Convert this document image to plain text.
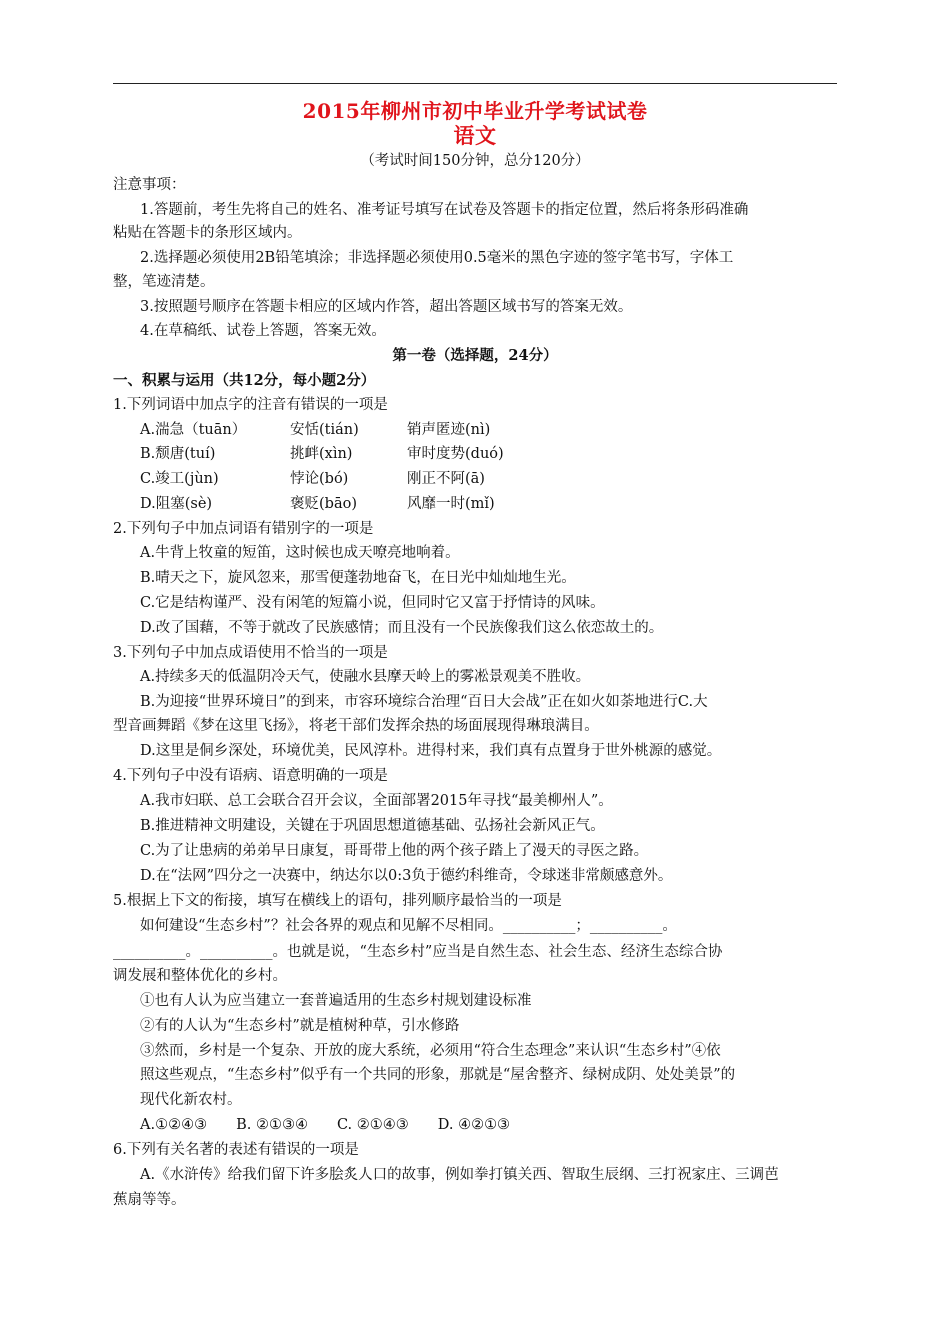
2015年柳州市初中毕业升学考试试卷
语文
（考试时间150分钟，总分120分）
注意事项：
1.答题前，考生先将自己的姓名、准考证号填写在试卷及答题卡的指定位置，然后将条形码准确
粘贴在答题卡的条形区域内。
2.选择题必须使用2B铅笔填涂；非选择题必须使用0.5毫米的黑色字迹的签字笔书写，字体工
整，笔迹清楚。
3.按照题号顺序在答题卡相应的区域内作答，超出答题区域书写的答案无效。
4.在草稿纸、试卷上答题，答案无效。
第一卷（选择题，24分）
一、积累与运用（共12分，每小题2分）
1.下列词语中加点字的注音有错误的一项是
A.湍急（tuān）	安恬(tián)	销声匿迹(nì)
B.颓唐(tuí)	挑衅(xìn)	审时度势(duó)
C.竣工(jùn)	悖论(bó)	刚正不阿(ā)
D.阻塞(sè)	褒贬(bāo)	风靡一时(mǐ)
2.下列句子中加点词语有错别字的一项是
A.牛背上牧童的短笛，这时候也成天嘹亮地响着。
B.晴天之下，旋风忽来，那雪便蓬勃地奋飞，在日光中灿灿地生光。
C.它是结构谨严、没有闲笔的短篇小说，但同时它又富于抒情诗的风味。
D.改了国藉，不等于就改了民族感情；而且没有一个民族像我们这么依恋故土的。
3.下列句子中加点成语使用不恰当的一项是
A.持续多天的低温阴冷天气，使融水县摩天岭上的雾凇景观美不胜收。
B.为迎接“世界环境日”的到来，市容环境综合治理“百日大会战”正在如火如荼地进行C.大
型音画舞蹈《梦在这里飞扬》，将老干部们发挥余热的场面展现得琳琅满目。
D.这里是侗乡深处，环境优美，民风淳朴。进得村来，我们真有点置身于世外桃源的感觉。
4.下列句子中没有语病、语意明确的一项是
A.我市妇联、总工会联合召开会议，全面部署2015年寻找“最美柳州人”。
B.推进精神文明建设，关键在于巩固思想道德基础、弘扬社会新风正气。
C.为了让患病的弟弟早日康复，哥哥带上他的两个孩子踏上了漫天的寻医之路。
D.在“法网”四分之一决赛中，纳达尔以0:3负于德约科维奇，令球迷非常颇感意外。
5.根据上下文的衔接，填写在横线上的语句，排列顺序最恰当的一项是
如何建设“生态乡村”？社会各界的观点和见解不尽相同。__________；__________。
__________。__________。也就是说，“生态乡村”应当是自然生态、社会生态、经济生态综合协
调发展和整体优化的乡村。
①也有人认为应当建立一套普遍适用的生态乡村规划建设标准
②有的人认为“生态乡村”就是植树种草，引水修路
③然而，乡村是一个复杂、开放的庞大系统，必须用“符合生态理念”来认识“生态乡村”④依
照这些观点，“生态乡村”似乎有一个共同的形象，那就是“屋舍整齐、绿树成阴、处处美景”的
现代化新农村。
A.①②④③　　B. ②①③④　　C. ②①④③　　D. ④②①③
6.下列有关名著的表述有错误的一项是
A.《水浒传》给我们留下许多脍炙人口的故事，例如拳打镇关西、智取生辰纲、三打祝家庄、三调芭
蕉扇等等。
